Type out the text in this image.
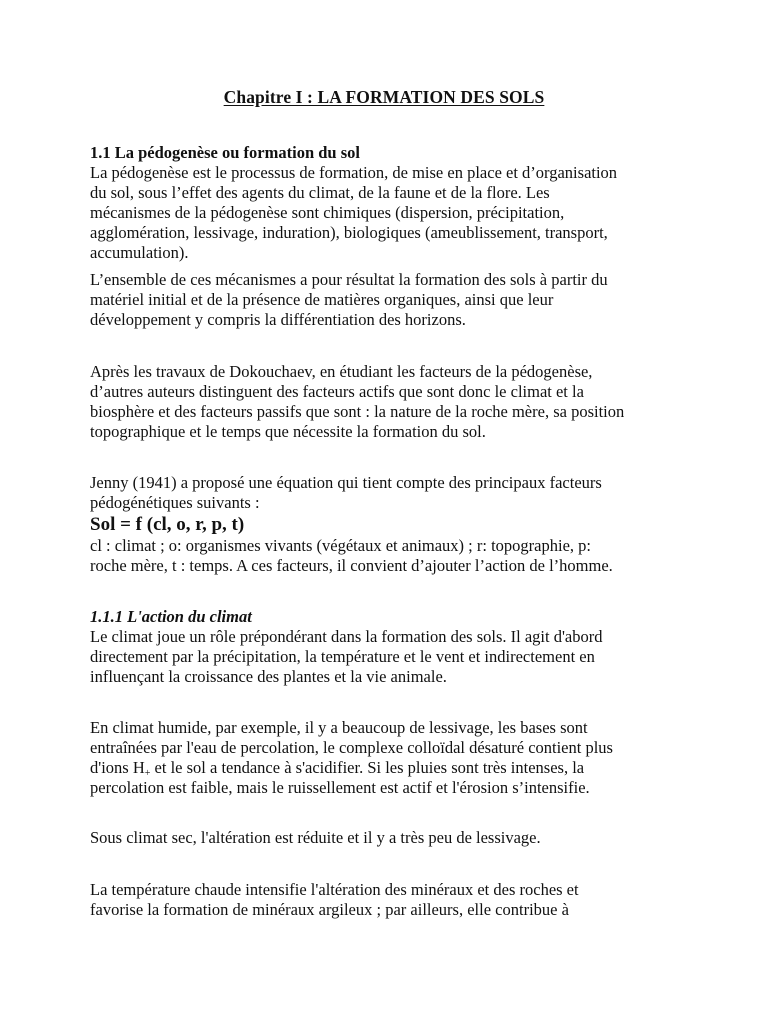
Chapitre I : LA FORMATION DES SOLS
1.1 La pédogenèse ou formation du sol
La pédogenèse est le processus de formation, de mise en place et d’organisation
du sol, sous l’effet des agents du climat, de la faune et de la flore. Les
mécanismes de la pédogenèse sont chimiques (dispersion, précipitation,
agglomération, lessivage, induration), biologiques (ameublissement, transport,
accumulation).
L’ensemble de ces mécanismes a pour résultat la formation des sols à partir du
matériel initial et de la présence de matières organiques, ainsi que leur
développement y compris la différentiation des horizons.
Après les travaux de Dokouchaev, en étudiant les facteurs de la pédogenèse,
d’autres auteurs distinguent des facteurs actifs que sont donc le climat et la
biosphère et des facteurs passifs que sont : la nature de la roche mère, sa position
topographique et le temps que nécessite la formation du sol.
Jenny (1941) a proposé une équation qui tient compte des principaux facteurs
pédogénétiques suivants :
Sol = f (cl, o, r, p, t)
cl : climat ; o: organismes vivants (végétaux et animaux) ; r: topographie, p:
roche mère, t : temps. A ces facteurs, il convient d’ajouter l’action de l’homme.
1.1.1 L'action du climat
Le climat joue un rôle prépondérant dans la formation des sols. Il agit d'abord
directement par la précipitation, la température et le vent et indirectement en
influençant la croissance des plantes et la vie animale.
En climat humide, par exemple, il y a beaucoup de lessivage, les bases sont
entraînées par l'eau de percolation, le complexe colloïdal désaturé contient plus
d'ions H+ et le sol a tendance à s'acidifier. Si les pluies sont très intenses, la
percolation est faible, mais le ruissellement est actif et l'érosion s’intensifie.
Sous climat sec, l'altération est réduite et il y a très peu de lessivage.
La température chaude intensifie l'altération des minéraux et des roches et
favorise la formation de minéraux argileux ; par ailleurs, elle contribue à
